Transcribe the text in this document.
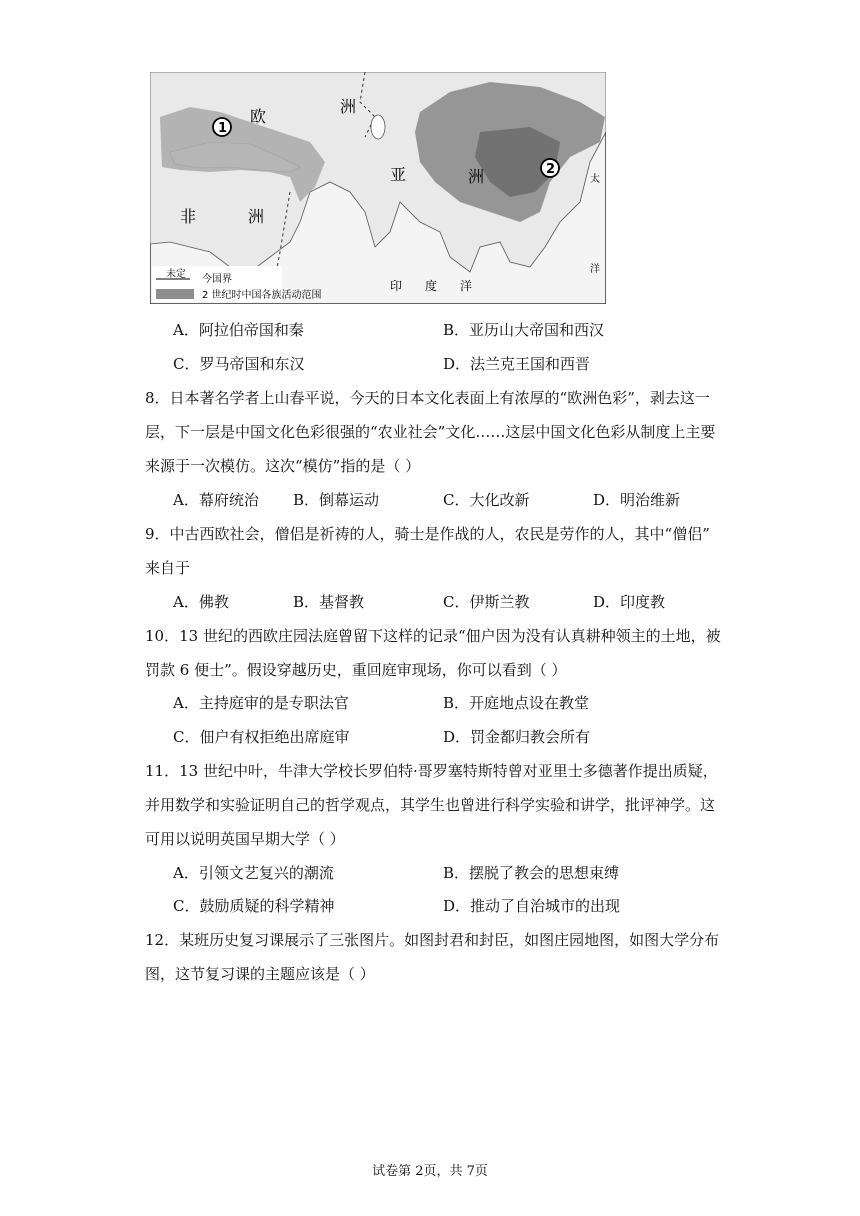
欧
洲
亚	洲
非	洲
印 度 洋
太
洋
1
2
未定 今国界
2 世纪时中国各族活动范围
A．阿拉伯帝国和秦	B．亚历山大帝国和西汉
C．罗马帝国和东汉	D．法兰克王国和西晋
8．日本著名学者上山春平说，今天的日本文化表面上有浓厚的“欧洲色彩”，剥去这一
层，下一层是中国文化色彩很强的“农业社会”文化……这层中国文化色彩从制度上主要
来源于一次模仿。这次“模仿”指的是（ ）
A．幕府统治 B．倒幕运动	C．大化改新	D．明治维新
9．中古西欧社会，僧侣是祈祷的人，骑士是作战的人，农民是劳作的人，其中“僧侣”
来自于
A．佛教	B．基督教	C．伊斯兰教	D．印度教
10．13 世纪的西欧庄园法庭曾留下这样的记录“佃户因为没有认真耕种领主的土地，被
罚款 6 便士”。假设穿越历史，重回庭审现场，你可以看到（ ）
A．主持庭审的是专职法官	B．开庭地点设在教堂
C．佃户有权拒绝出席庭审	D．罚金都归教会所有
11．13 世纪中叶，牛津大学校长罗伯特·哥罗塞特斯特曾对亚里士多德著作提出质疑，
并用数学和实验证明自己的哲学观点，其学生也曾进行科学实验和讲学，批评神学。这
可用以说明英国早期大学（ ）
A．引领文艺复兴的潮流	B．摆脱了教会的思想束缚
C．鼓励质疑的科学精神	D．推动了自治城市的出现
12．某班历史复习课展示了三张图片。如图封君和封臣，如图庄园地图，如图大学分布
图，这节复习课的主题应该是（ ）
试卷第 2页，共 7页
